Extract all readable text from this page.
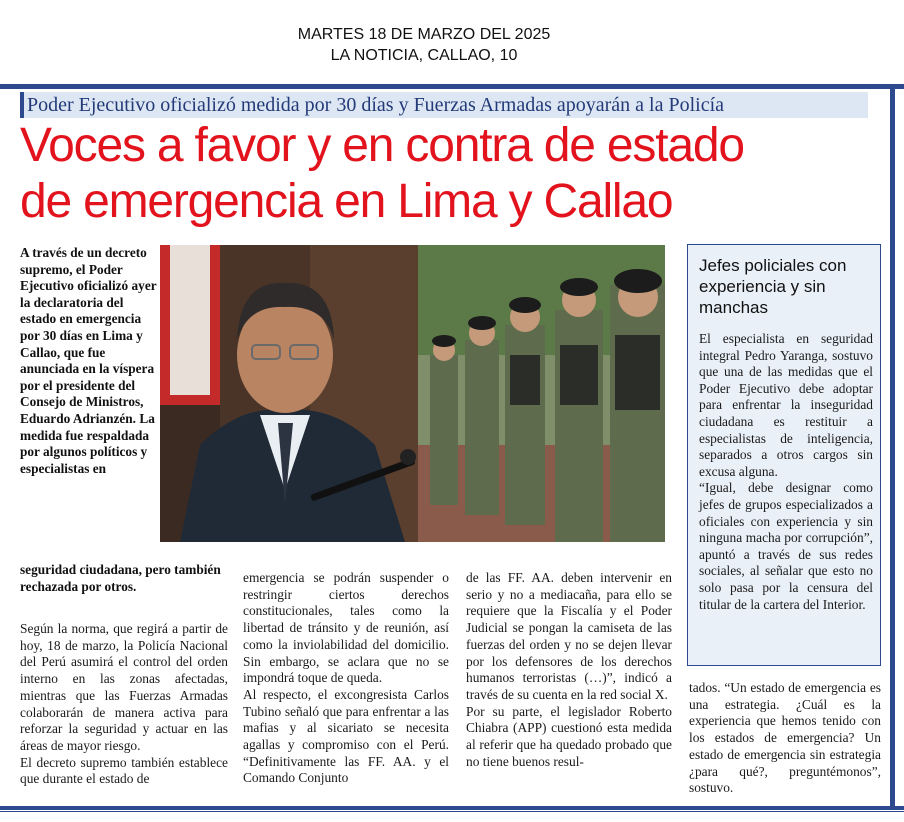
MARTES 18 DE MARZO DEL 2025
LA NOTICIA, CALLAO, 10
Poder Ejecutivo oficializó medida por 30 días y Fuerzas Armadas apoyarán a la Policía
Voces a favor y en contra de estado
de emergencia en Lima y Callao
A través de un decreto supremo, el Poder Ejecutivo oficializó ayer la declaratoria del estado en emergencia por 30 días en Lima y Callao, que fue anunciada en la víspera por el presidente del Consejo de Ministros, Eduardo Adrianzén. La medida fue respaldada por algunos políticos y especialistas en
seguridad ciudadana, pero también rechazada por otros.

Según la norma, que regirá a partir de hoy, 18 de marzo, la Policía Nacional del Perú asumirá el control del orden interno en las zonas afectadas, mientras que las Fuerzas Armadas colaborarán de manera activa para reforzar la seguridad y actuar en las áreas de mayor riesgo.

El decreto supremo también establece que durante el estado de

emergencia se podrán suspender o restringir ciertos derechos constitucionales, tales como la libertad de tránsito y de reunión, así como la inviolabilidad del domicilio. Sin embargo, se aclara que no se impondrá toque de queda.

Al respecto, el excongresista Carlos Tubino señaló que para enfrentar a las mafias y al sicariato se necesita agallas y compromiso con el Perú. “Definitivamente las FF. AA. y el Comando Conjunto

de las FF. AA. deben intervenir en serio y no a mediacaña, para ello se requiere que la Fiscalía y el Poder Judicial se pongan la camiseta de las fuerzas del orden y no se dejen llevar por los defensores de los derechos humanos terroristas (…)”, indicó a través de su cuenta en la red social X.

Por su parte, el legislador Roberto Chiabra (APP) cuestionó esta medida al referir que ha quedado probado que no tiene buenos resul-

tados. “Un estado de emergencia es una estrategia. ¿Cuál es la experiencia que hemos tenido con los estados de emergencia? Un estado de emergencia sin estrategia ¿para qué?, preguntémonos”, sostuvo.

Jefes policiales con experiencia y sin manchas

El especialista en seguridad integral Pedro Yaranga, sostuvo que una de las medidas que el Poder Ejecutivo debe adoptar para enfrentar la inseguridad ciudadana es restituir a especialistas de inteligencia, separados a otros cargos sin excusa alguna.

“Igual, debe designar como jefes de grupos especializados a oficiales con experiencia y sin ninguna macha por corrupción”, apuntó a través de sus redes sociales, al señalar que esto no solo pasa por la censura del titular de la cartera del Interior.
